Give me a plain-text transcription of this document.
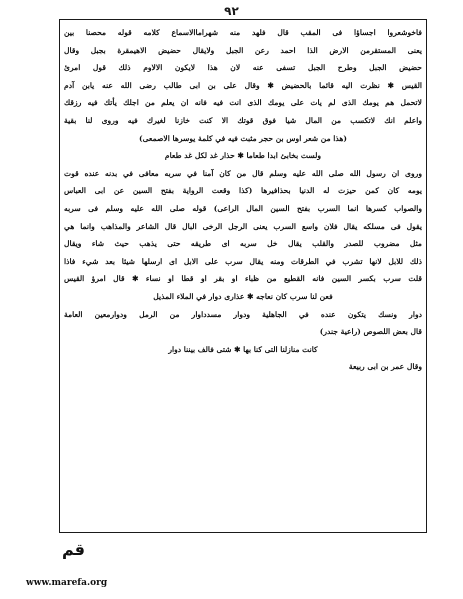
٩٢
فاخوشعروا اجساؤا فى المقب قال فلهد منه شهراماالاسماع كلامه قوله محصنا بين
يعنى المستقرمن الارض الذا احمد رعن الجبل ولايقال حضيض الاهيمقرة بجبل وقال
حضيض الجبل وطرح الجبل تسفى عنه لان هذا لايكون الالاوم ذلك قول امرئ
القيس ✱ نظرت اليه قائما بالحضيض ✱ وقال على بن ابى طالب رضى الله عنه يابن آدم
لاتحمل هم يومك الذى لم يات على يومك الذى انت فيه فانه ان يعلم من اجلك يأتك فيه رزقك
واعلم انك لاتكسب من المال شيا فوق قوتك الا كنت خازنا لغيرك فيه وروى لنا بقية
(هذا من شعر اوس بن حجر مثبت فيه في كلمة يوسرها الاصمعى)
ولست بخابئ ابدا طعاما ✱ حذار غد لكل غد طعام
وروى ان رسول الله صلى الله عليه وسلم قال من كان آمنا في سربه معافى في بدنه عنده قوت
يومه كان كمن حيزت له الدنيا بحذافيرها (كذا وقعت الرواية بفتح السين عن ابى العباس
والصواب كسرها انما السرب بفتح السين المال الراعى) قوله صلى الله عليه وسلم فى سربه
يقول فى مسلكه يقال فلان واسع السرب يعنى الرجل الرخى البال قال الشاعر والمذاهب وانما هي
مثل مضروب للصدر والقلب يقال خل سربه اى طريقه حتى يذهب حيث شاء ويقال
ذلك للابل لانها تشرب في الطرقات ومنه يقال سرب على الابل اى ارسلها شيئا بعد شيء فاذا
قلت سرب بكسر السين فانه القطيع من ظباء او بقر او قطا او نساء ✱ قال امرؤ القيس
فعن لنا سرب كان نعاجه ✱ عذارى دوار في الملاء المذيل
دوار ونسك يتكون عنده في الجاهلية ودوار مسدداوار من الرمل ودوارمعين العامة
قال بعض اللصوص (راعية جندر)
كانت منازلنا التى كنا بها ✱ شتى فالف بيننا دوار
وقال عمر بن ابى ربيعة
قم
www.marefa.org
